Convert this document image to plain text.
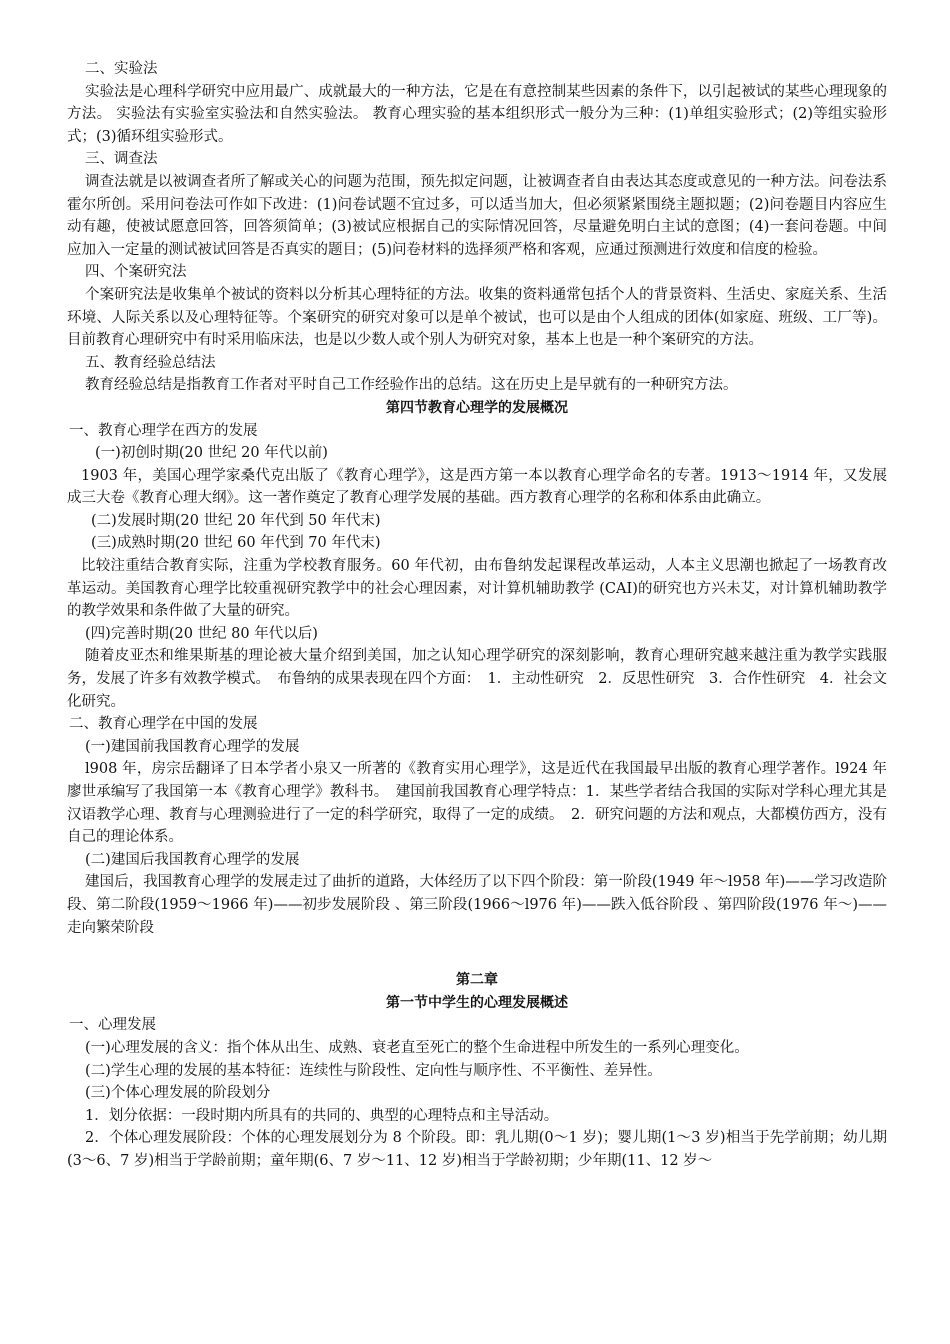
二、实验法

实验法是心理科学研究中应用最广、成就最大的一种方法，它是在有意控制某些因素的条件下，以引起被试的某些心理现象的方法。 实验法有实验室实验法和自然实验法。 教育心理实验的基本组织形式一般分为三种：(1)单组实验形式；(2)等组实验形式；(3)循环组实验形式。

三、调查法

调查法就是以被调查者所了解或关心的问题为范围，预先拟定问题，让被调查者自由表达其态度或意见的一种方法。问卷法系霍尔所创。采用问卷法可作如下改进：(1)问卷试题不宜过多，可以适当加大，但必须紧紧围绕主题拟题；(2)问卷题目内容应生动有趣，使被试愿意回答，回答须简单；(3)被试应根据自己的实际情况回答，尽量避免明白主试的意图；(4)一套问卷题。中间应加入一定量的测试被试回答是否真实的题目；(5)问卷材料的选择须严格和客观，应通过预测进行效度和信度的检验。

四、个案研究法

个案研究法是收集单个被试的资料以分析其心理特征的方法。收集的资料通常包括个人的背景资料、生活史、家庭关系、生活环境、人际关系以及心理特征等。个案研究的研究对象可以是单个被试，也可以是由个人组成的团体(如家庭、班级、工厂等)。目前教育心理研究中有时采用临床法，也是以少数人或个别人为研究对象，基本上也是一种个案研究的方法。

五、教育经验总结法

教育经验总结是指教育工作者对平时自己工作经验作出的总结。这在历史上是早就有的一种研究方法。

第四节教育心理学的发展概况

一、教育心理学在西方的发展

(一)初创时期(20 世纪 20 年代以前)

1903 年，美国心理学家桑代克出版了《教育心理学》，这是西方第一本以教育心理学命名的专著。1913～1914 年，又发展成三大卷《教育心理大纲》。这一著作奠定了教育心理学发展的基础。西方教育心理学的名称和体系由此确立。

(二)发展时期(20 世纪 20 年代到 50 年代末)

(三)成熟时期(20 世纪 60 年代到 70 年代末)

比较注重结合教育实际，注重为学校教育服务。60 年代初，由布鲁纳发起课程改革运动，人本主义思潮也掀起了一场教育改革运动。美国教育心理学比较重视研究教学中的社会心理因素，对计算机辅助教学 (CAI)的研究也方兴未艾，对计算机辅助教学的教学效果和条件做了大量的研究。

(四)完善时期(20 世纪 80 年代以后)

随着皮亚杰和维果斯基的理论被大量介绍到美国，加之认知心理学研究的深刻影响，教育心理研究越来越注重为教学实践服务，发展了许多有效教学模式。　布鲁纳的成果表现在四个方面：　1．主动性研究　2．反思性研究　3．合作性研究　4．社会文化研究。

二、教育心理学在中国的发展

(一)建国前我国教育心理学的发展

l908 年，房宗岳翻译了日本学者小泉又一所著的《教育实用心理学》，这是近代在我国最早出版的教育心理学著作。l924 年廖世承编写了我国第一本《教育心理学》教科书。　建国前我国教育心理学特点：1．某些学者结合我国的实际对学科心理尤其是汉语教学心理、教育与心理测验进行了一定的科学研究，取得了一定的成绩。　2．研究问题的方法和观点，大都模仿西方，没有自己的理论体系。

(二)建国后我国教育心理学的发展

建国后，我国教育心理学的发展走过了曲折的道路，大体经历了以下四个阶段：第一阶段(1949 年～l958 年)——学习改造阶段、第二阶段(1959～1966 年)——初步发展阶段 、第三阶段(1966～l976 年)——跌入低谷阶段 、第四阶段(1976 年～)——走向繁荣阶段

第二章

第一节中学生的心理发展概述

一、心理发展

(一)心理发展的含义：指个体从出生、成熟、衰老直至死亡的整个生命进程中所发生的一系列心理变化。

(二)学生心理的发展的基本特征：连续性与阶段性、定向性与顺序性、不平衡性、差异性。

(三)个体心理发展的阶段划分

1．划分依据：一段时期内所具有的共同的、典型的心理特点和主导活动。

2．个体心理发展阶段：个体的心理发展划分为 8 个阶段。即：乳儿期(0～1 岁)；婴儿期(1～3 岁)相当于先学前期；幼儿期(3～6、7 岁)相当于学龄前期；童年期(6、7 岁～11、12 岁)相当于学龄初期；少年期(11、12 岁～
